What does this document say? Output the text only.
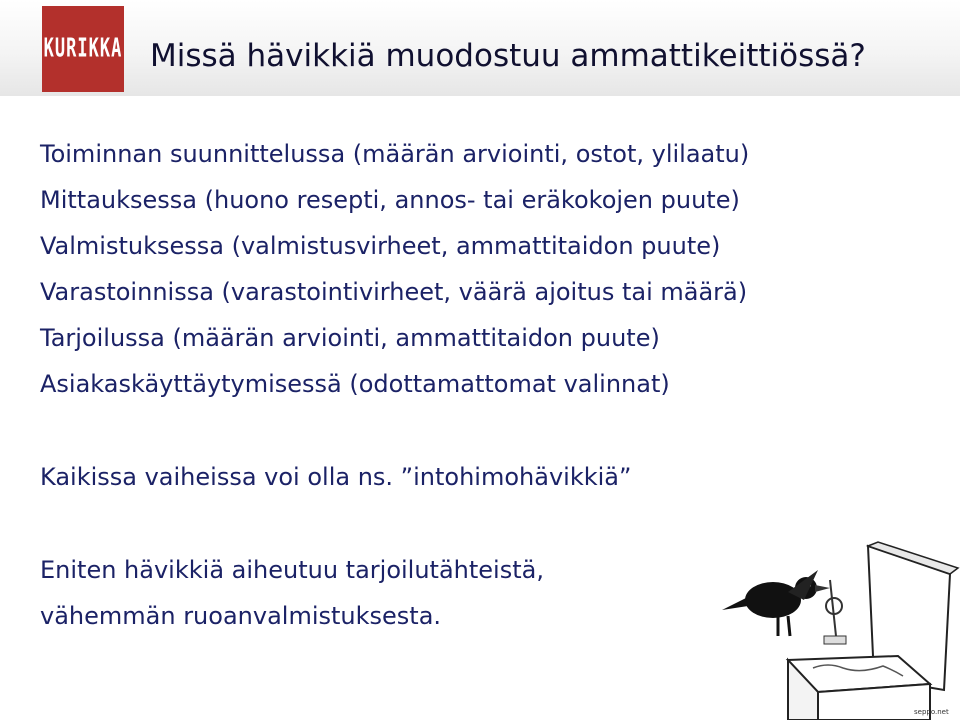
KURIKKA Missä hävikkiä muodostuu ammattikeittiössä?
Toiminnan suunnittelussa (määrän arviointi, ostot, ylilaatu)
Mittauksessa (huono resepti, annos- tai eräkokojen puute)
Valmistuksessa (valmistusvirheet, ammattitaidon puute)
Varastoinnissa (varastointivirheet, väärä ajoitus tai määrä)
Tarjoilussa (määrän arviointi, ammattitaidon puute)
Asiakaskäyttäytymisessä (odottamattomat valinnat)
Kaikissa vaiheissa voi olla ns. ”intohimohävikkiä”
Eniten hävikkiä aiheutuu tarjoilutähteistä,
vähemmän ruoanvalmistuksesta.
seppo.net
